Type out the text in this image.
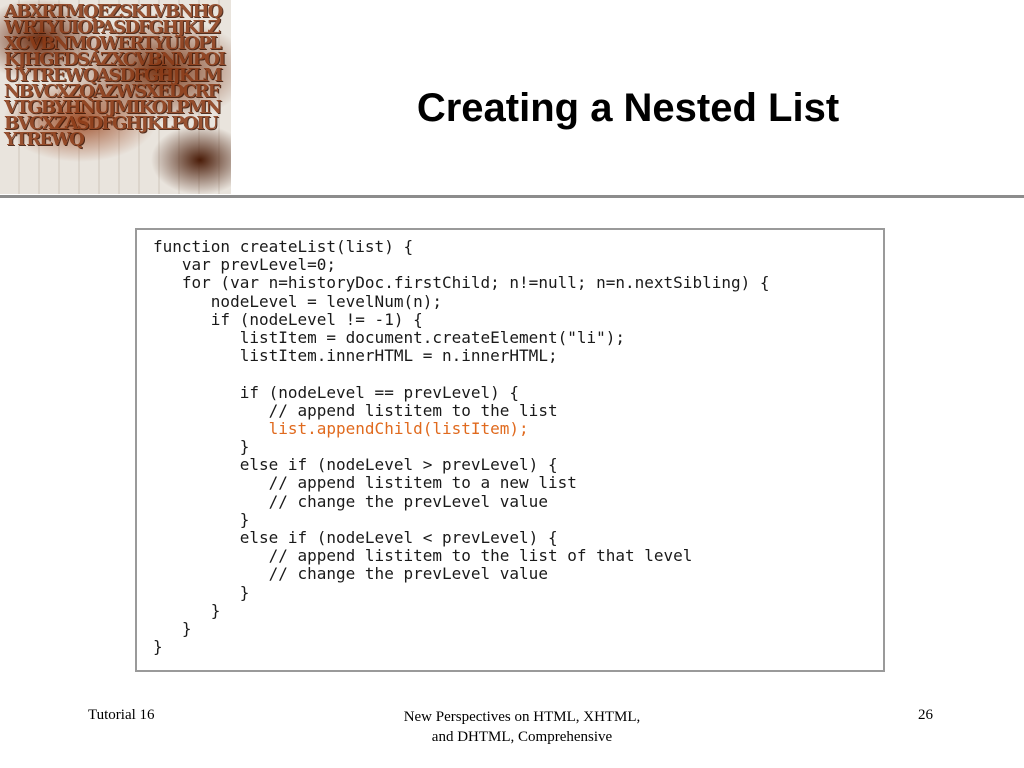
ABXRTMQEZSKLVBNHQWRTYUIOPASDFGHJKLZXCVBNMQWERTYUIOPLKJHGFDSAZXCVBNMPOIUYTREWQASDFGHJKLMNBVCXZQAZWSXEDCRFVTGBYHNUJMIKOLPMNBVCXZASDFGHJKLPOIUYTREWQ
Creating a Nested List
function createList(list) {
var prevLevel=0;
for (var n=historyDoc.firstChild; n!=null; n=n.nextSibling) {
nodeLevel = levelNum(n);
if (nodeLevel != -1) {
listItem = document.createElement("li");
listItem.innerHTML = n.innerHTML;
if (nodeLevel == prevLevel) {
// append listitem to the list
list.appendChild(listItem);
}
else if (nodeLevel > prevLevel) {
// append listitem to a new list
// change the prevLevel value
}
else if (nodeLevel < prevLevel) {
// append listitem to the list of that level
// change the prevLevel value
}
}
}
}
Tutorial 16	New Perspectives on HTML, XHTML,
and DHTML, Comprehensive
26
